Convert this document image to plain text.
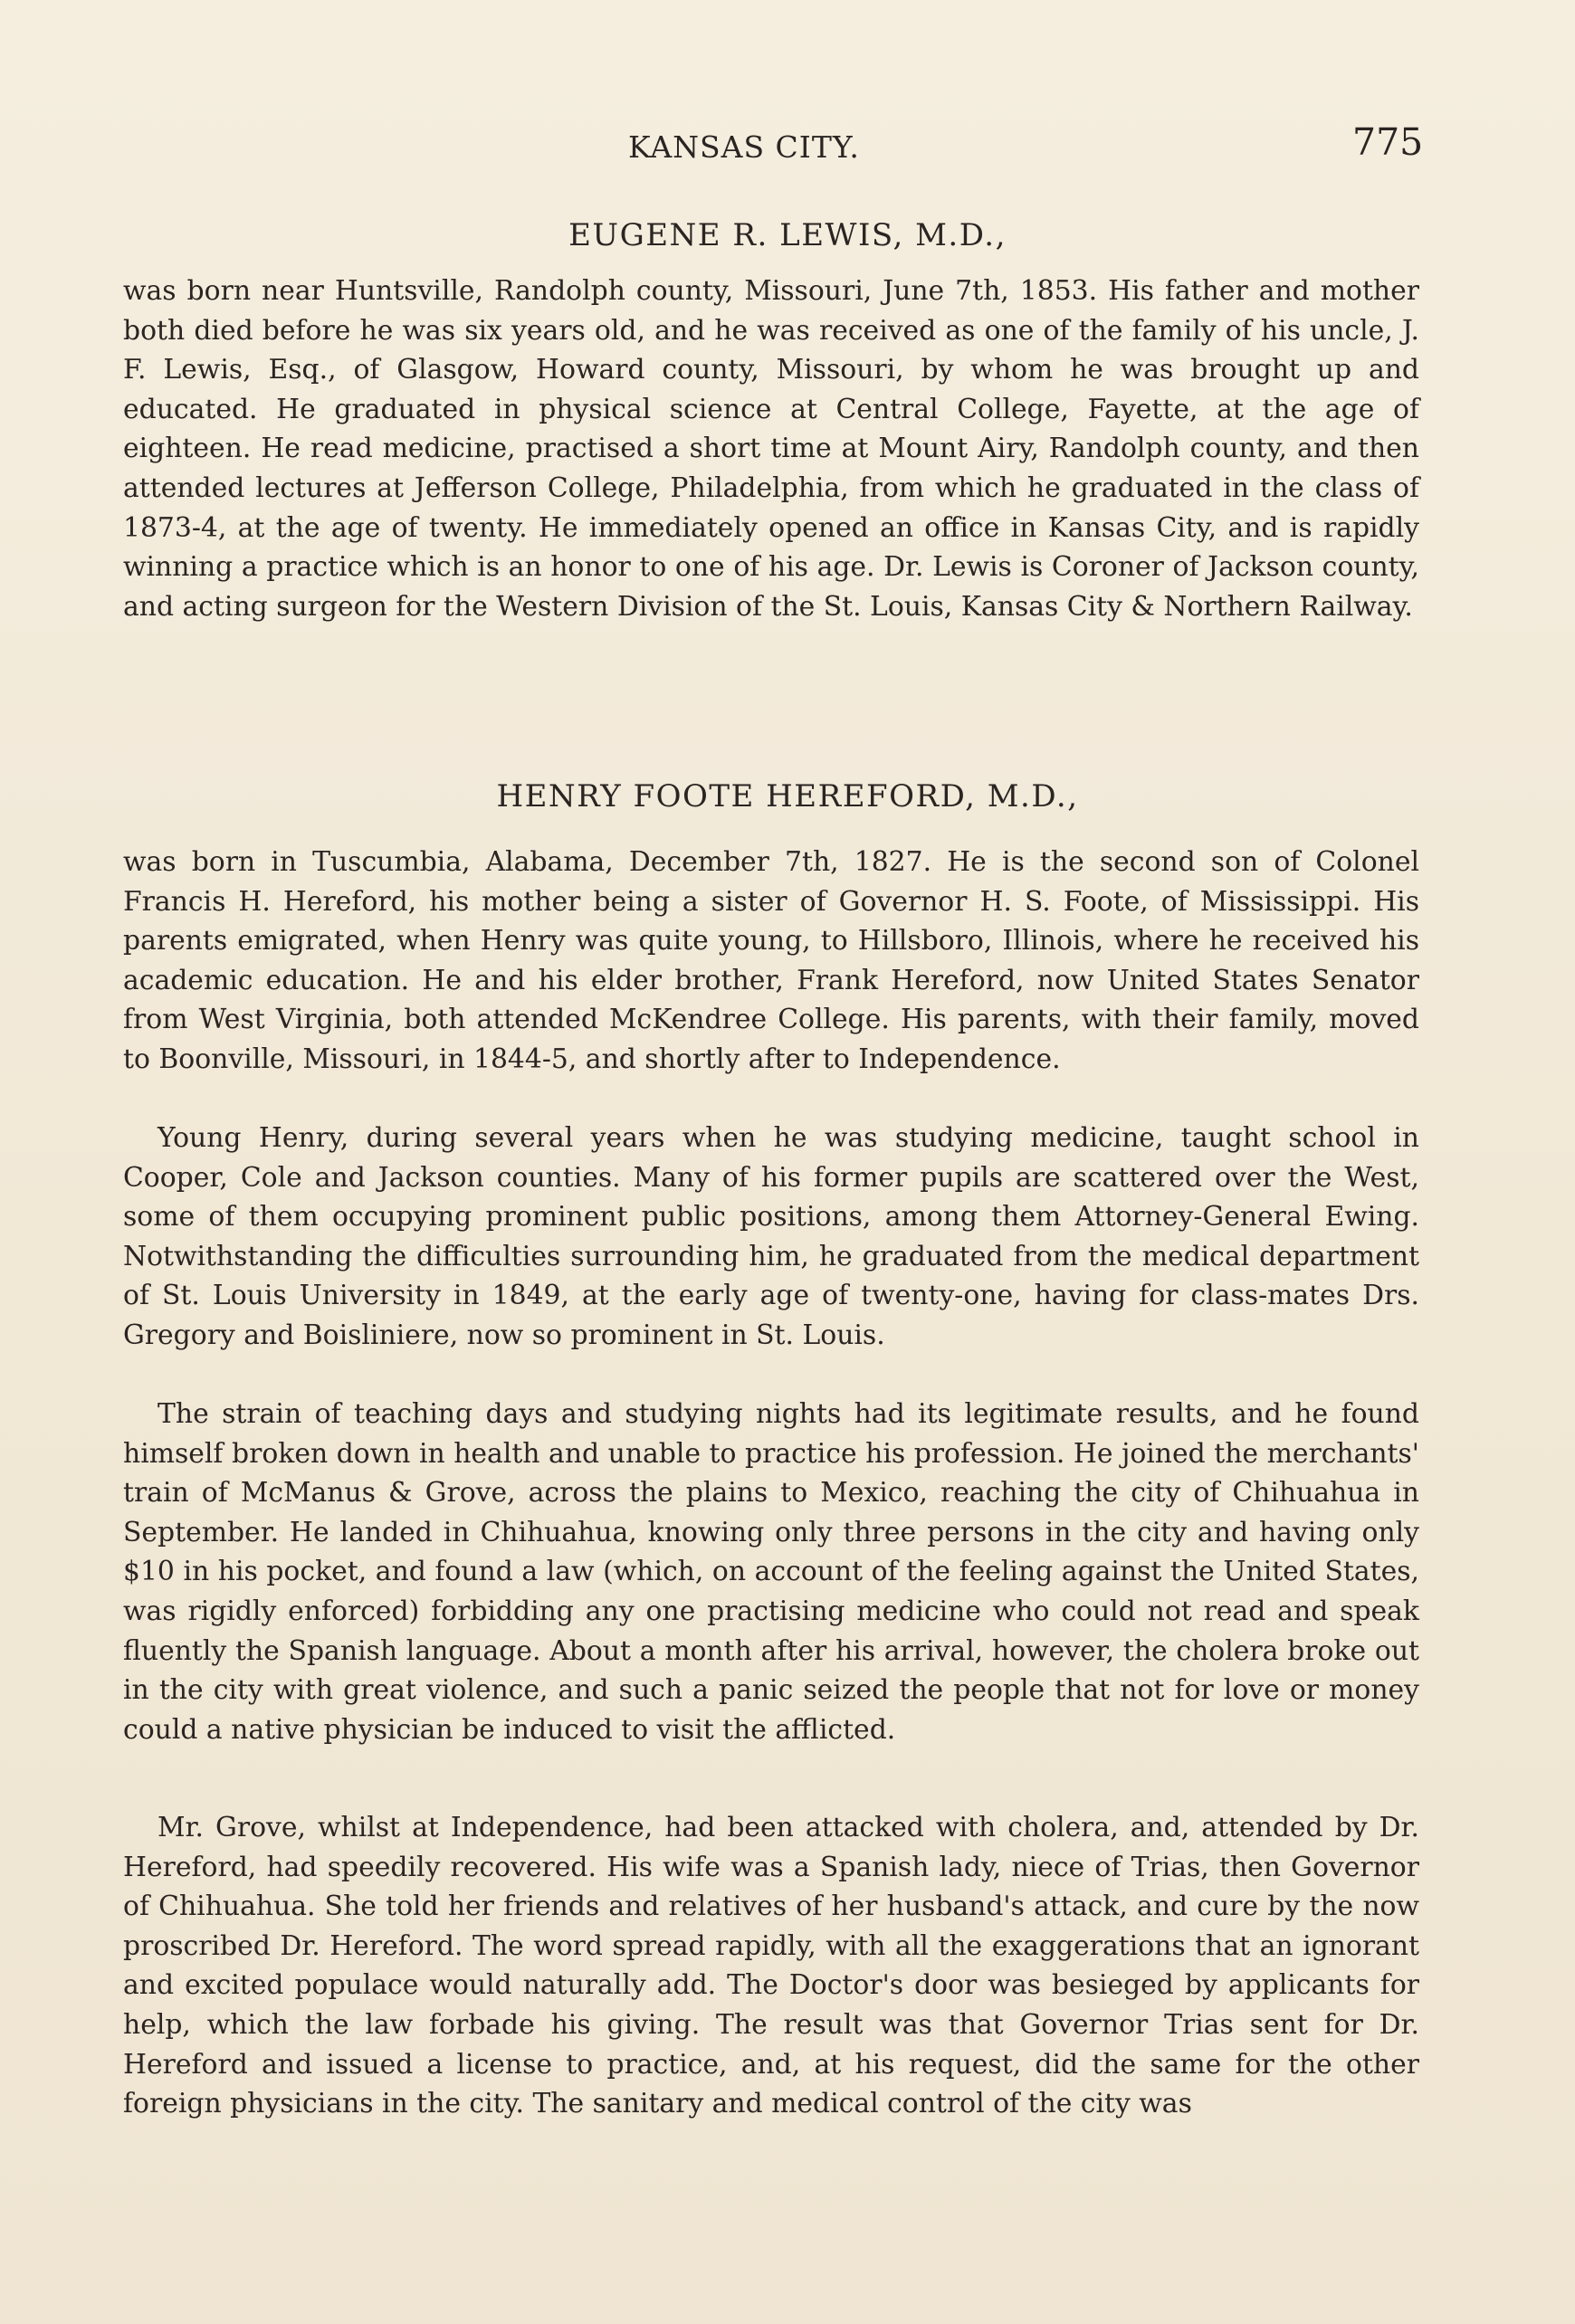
KANSAS CITY.	775
EUGENE R. LEWIS, M.D.,

was born near Huntsville, Randolph county, Missouri, June 7th, 1853. His father and mother both died before he was six years old, and he was received as one of the family of his uncle, J. F. Lewis, Esq., of Glasgow, Howard county, Missouri, by whom he was brought up and educated. He graduated in physical science at Central College, Fayette, at the age of eighteen. He read medicine, practised a short time at Mount Airy, Randolph county, and then attended lectures at Jefferson College, Philadelphia, from which he graduated in the class of 1873-4, at the age of twenty. He immediately opened an office in Kansas City, and is rapidly winning a practice which is an honor to one of his age. Dr. Lewis is Coroner of Jackson county, and acting surgeon for the Western Division of the St. Louis, Kansas City & Northern Railway.

HENRY FOOTE HEREFORD, M.D.,

was born in Tuscumbia, Alabama, December 7th, 1827. He is the second son of Colonel Francis H. Hereford, his mother being a sister of Governor H. S. Foote, of Mississippi. His parents emigrated, when Henry was quite young, to Hillsboro, Illinois, where he received his academic education. He and his elder brother, Frank Hereford, now United States Senator from West Virginia, both attended McKendree College. His parents, with their family, moved to Boonville, Missouri, in 1844-5, and shortly after to Independence.

Young Henry, during several years when he was studying medicine, taught school in Cooper, Cole and Jackson counties. Many of his former pupils are scattered over the West, some of them occupying prominent public positions, among them Attorney-General Ewing. Notwithstanding the difficulties surrounding him, he graduated from the medical department of St. Louis University in 1849, at the early age of twenty-one, having for class-mates Drs. Gregory and Boisliniere, now so prominent in St. Louis.

The strain of teaching days and studying nights had its legitimate results, and he found himself broken down in health and unable to practice his profession. He joined the merchants' train of McManus & Grove, across the plains to Mexico, reaching the city of Chihuahua in September. He landed in Chihuahua, knowing only three persons in the city and having only $10 in his pocket, and found a law (which, on account of the feeling against the United States, was rigidly enforced) forbidding any one practising medicine who could not read and speak fluently the Spanish language. About a month after his arrival, however, the cholera broke out in the city with great violence, and such a panic seized the people that not for love or money could a native physician be induced to visit the afflicted.

Mr. Grove, whilst at Independence, had been attacked with cholera, and, attended by Dr. Hereford, had speedily recovered. His wife was a Spanish lady, niece of Trias, then Governor of Chihuahua. She told her friends and relatives of her husband's attack, and cure by the now proscribed Dr. Hereford. The word spread rapidly, with all the exaggerations that an ignorant and excited populace would naturally add. The Doctor's door was besieged by applicants for help, which the law forbade his giving. The result was that Governor Trias sent for Dr. Hereford and issued a license to practice, and, at his request, did the same for the other foreign physicians in the city. The sanitary and medical control of the city was
